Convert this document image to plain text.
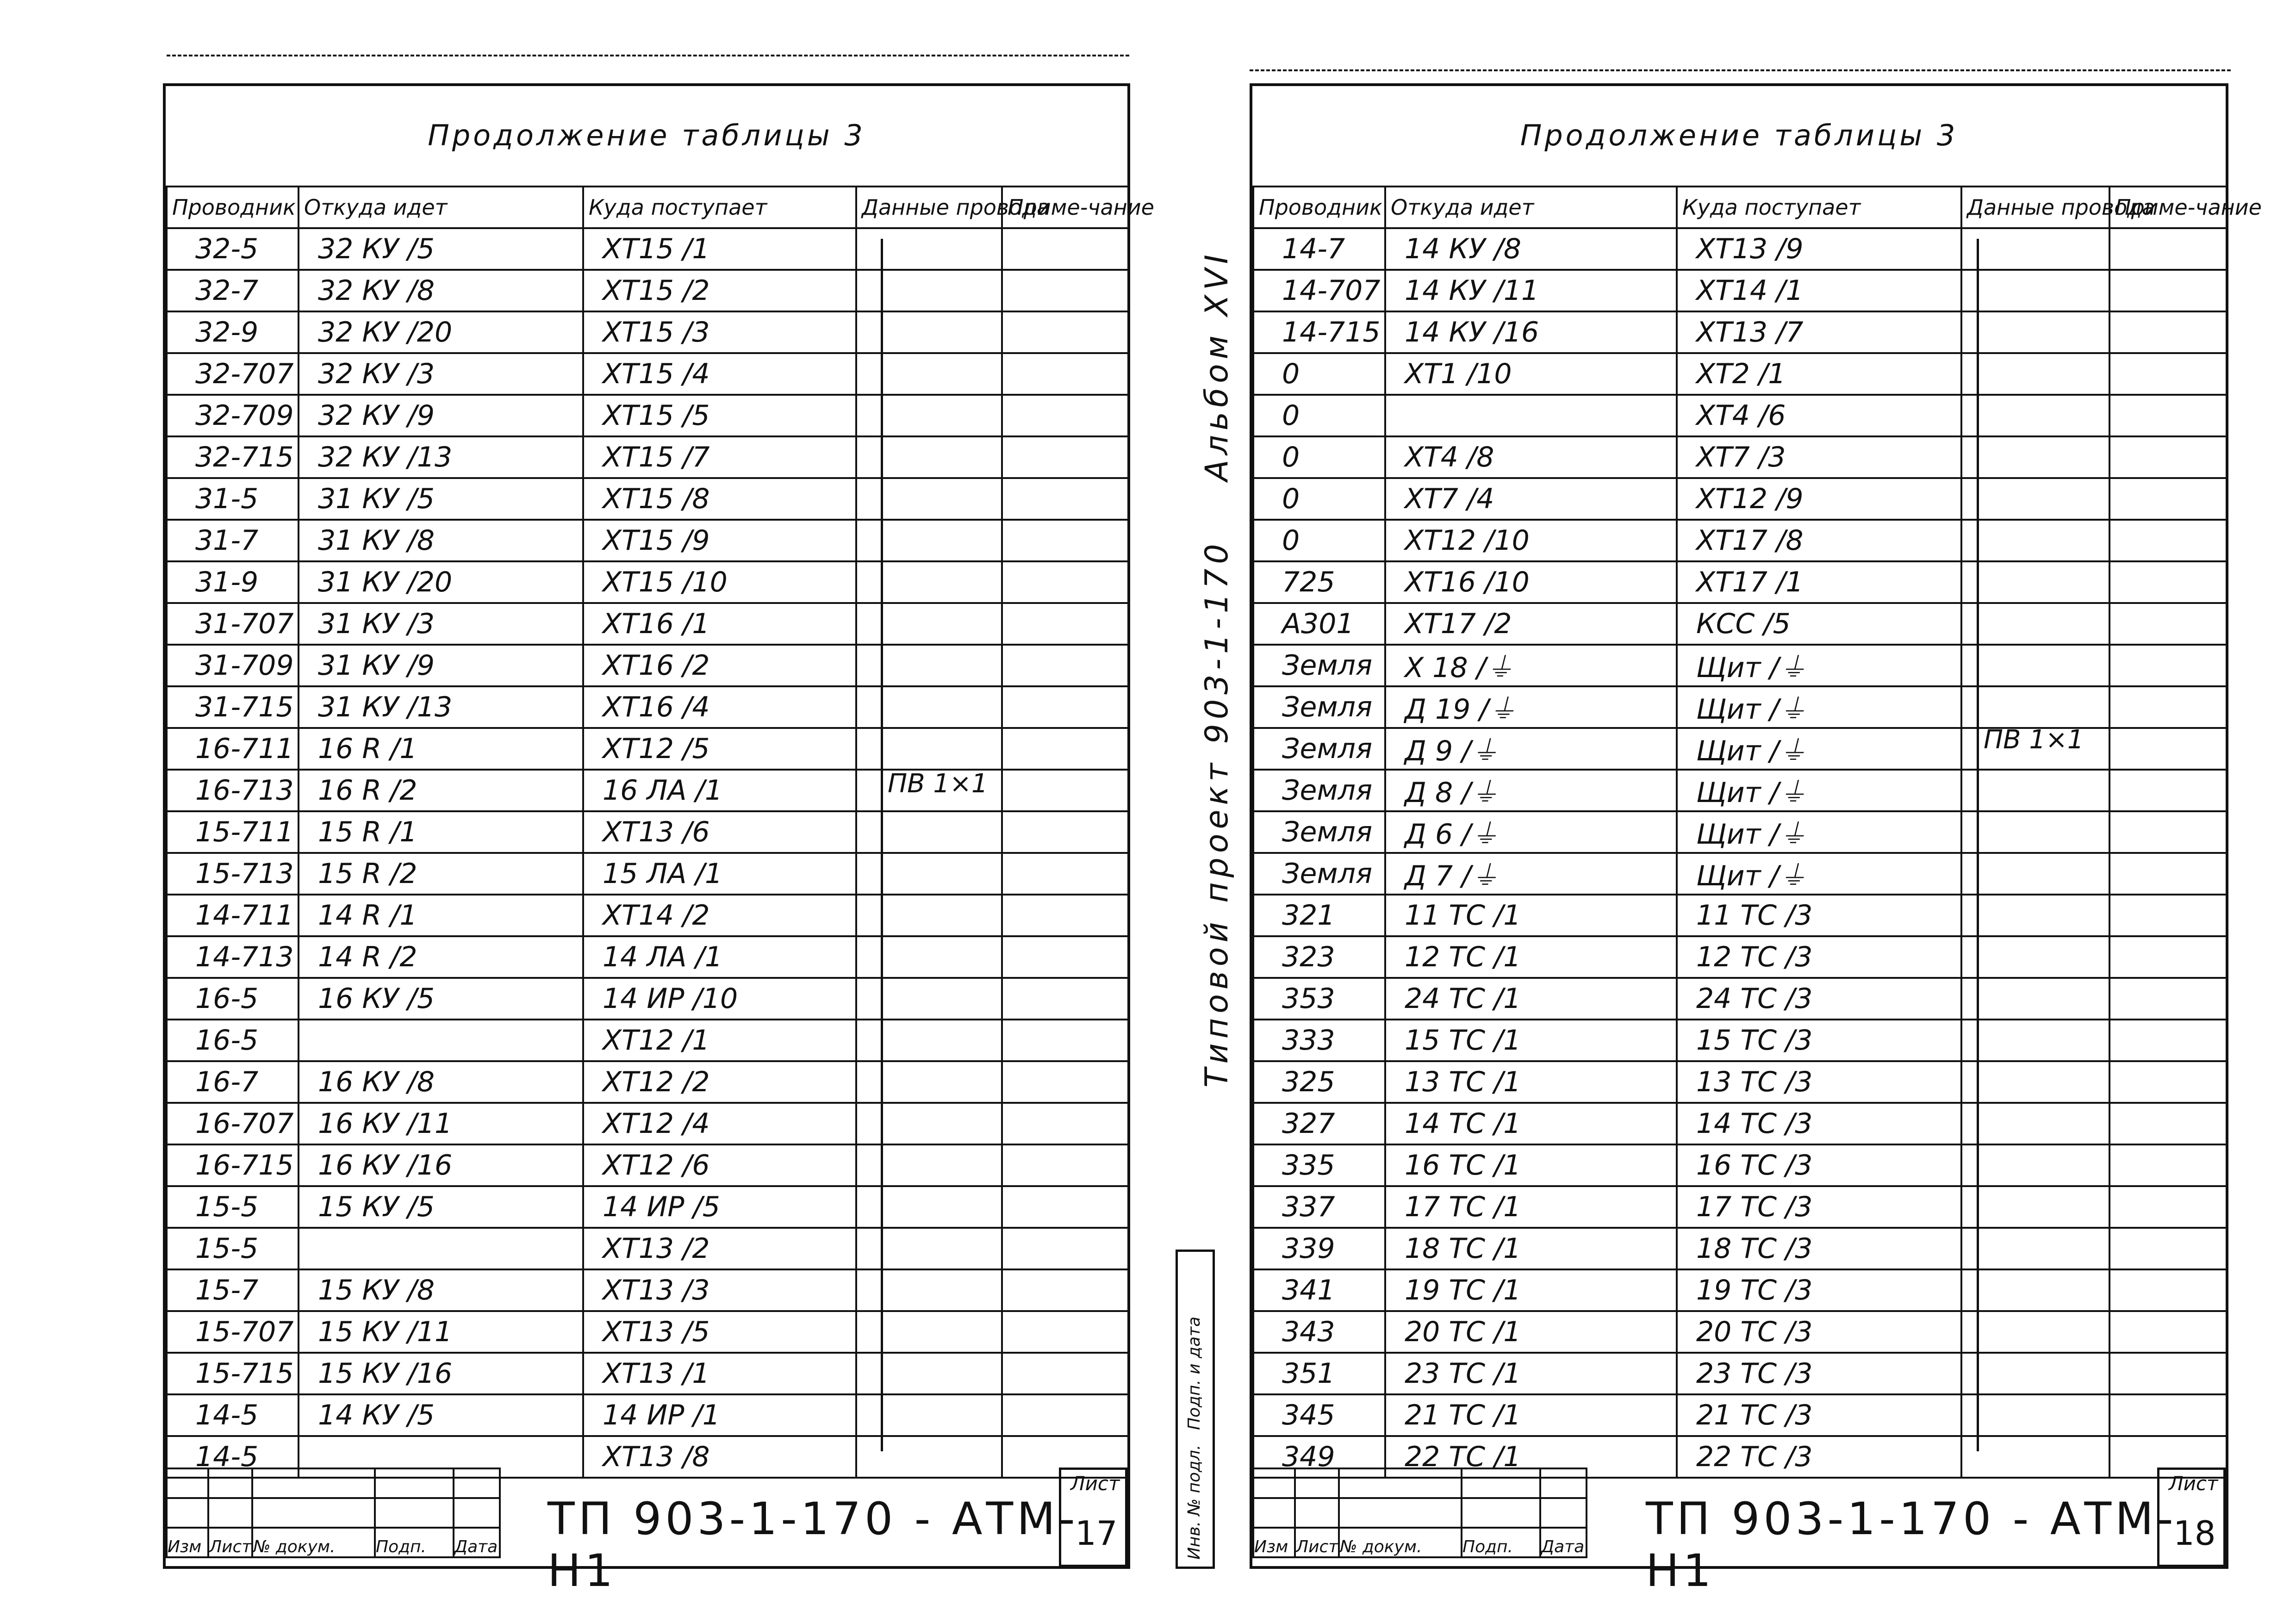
Продолжение таблицы 3
Проводник	Откуда идет	Куда поступает	Данные провода	Приме-чание
32-5	32 КУ /5	ХТ15 /1		
32-7	32 КУ /8	ХТ15 /2		
32-9	32 КУ /20	ХТ15 /3		
32-707	32 КУ /3	ХТ15 /4		
32-709	32 КУ /9	ХТ15 /5		
32-715	32 КУ /13	ХТ15 /7		
31-5	31 КУ /5	ХТ15 /8		
31-7	31 КУ /8	ХТ15 /9		
31-9	31 КУ /20	ХТ15 /10		
31-707	31 КУ /3	ХТ16 /1		
31-709	31 КУ /9	ХТ16 /2		
31-715	31 КУ /13	ХТ16 /4		
16-711	16 R /1	ХТ12 /5		
16-713	16 R /2	16 ЛА /1		
15-711	15 R /1	ХТ13 /6		
15-713	15 R /2	15 ЛА /1		
14-711	14 R /1	ХТ14 /2		
14-713	14 R /2	14 ЛА /1		
16-5	16 КУ /5	14 ИР /10		
16-5		ХТ12 /1		
16-7	16 КУ /8	ХТ12 /2		
16-707	16 КУ /11	ХТ12 /4		
16-715	16 КУ /16	ХТ12 /6		
15-5	15 КУ /5	14 ИР /5		
15-5		ХТ13 /2		
15-7	15 КУ /8	ХТ13 /3		
15-707	15 КУ /11	ХТ13 /5		
15-715	15 КУ /16	ХТ13 /1		
14-5	14 КУ /5	14 ИР /1		
14-5		ХТ13 /8		
ПВ 1×1

Изм	Лист	№ докум.	Подп.	Дата
ТП 903-1-170 - АТМ-Н1
Лист
17
Альбом XVI
Типовой проект 903-1-170
Инв. № подл.
Подп. и дата
Продолжение таблицы 3
Проводник	Откуда идет	Куда поступает	Данные провода	Приме-чание
14-7	14 КУ /8	ХТ13 /9		
14-707	14 КУ /11	ХТ14 /1		
14-715	14 КУ /16	ХТ13 /7		
0	ХТ1 /10	ХТ2 /1		
0		ХТ4 /6		
0	ХТ4 /8	ХТ7 /3		
0	ХТ7 /4	ХТ12 /9		
0	ХТ12 /10	ХТ17 /8		
725	ХТ16 /10	ХТ17 /1		
А301	ХТ17 /2	КСС /5		
Земля	Х 18 /⏚	Щит /⏚		
Земля	Д 19 /⏚	Щит /⏚		
Земля	Д 9 /⏚	Щит /⏚		
Земля	Д 8 /⏚	Щит /⏚		
Земля	Д 6 /⏚	Щит /⏚		
Земля	Д 7 /⏚	Щит /⏚		
321	11 ТС /1	11 ТС /3		
323	12 ТС /1	12 ТС /3		
353	24 ТС /1	24 ТС /3		
333	15 ТС /1	15 ТС /3		
325	13 ТС /1	13 ТС /3		
327	14 ТС /1	14 ТС /3		
335	16 ТС /1	16 ТС /3		
337	17 ТС /1	17 ТС /3		
339	18 ТС /1	18 ТС /3		
341	19 ТС /1	19 ТС /3		
343	20 ТС /1	20 ТС /3		
351	23 ТС /1	23 ТС /3		
345	21 ТС /1	21 ТС /3		
349	22 ТС /1	22 ТС /3		
ПВ 1×1

Изм	Лист	№ докум.	Подп.	Дата
ТП 903-1-170 - АТМ-Н1
Лист
18
